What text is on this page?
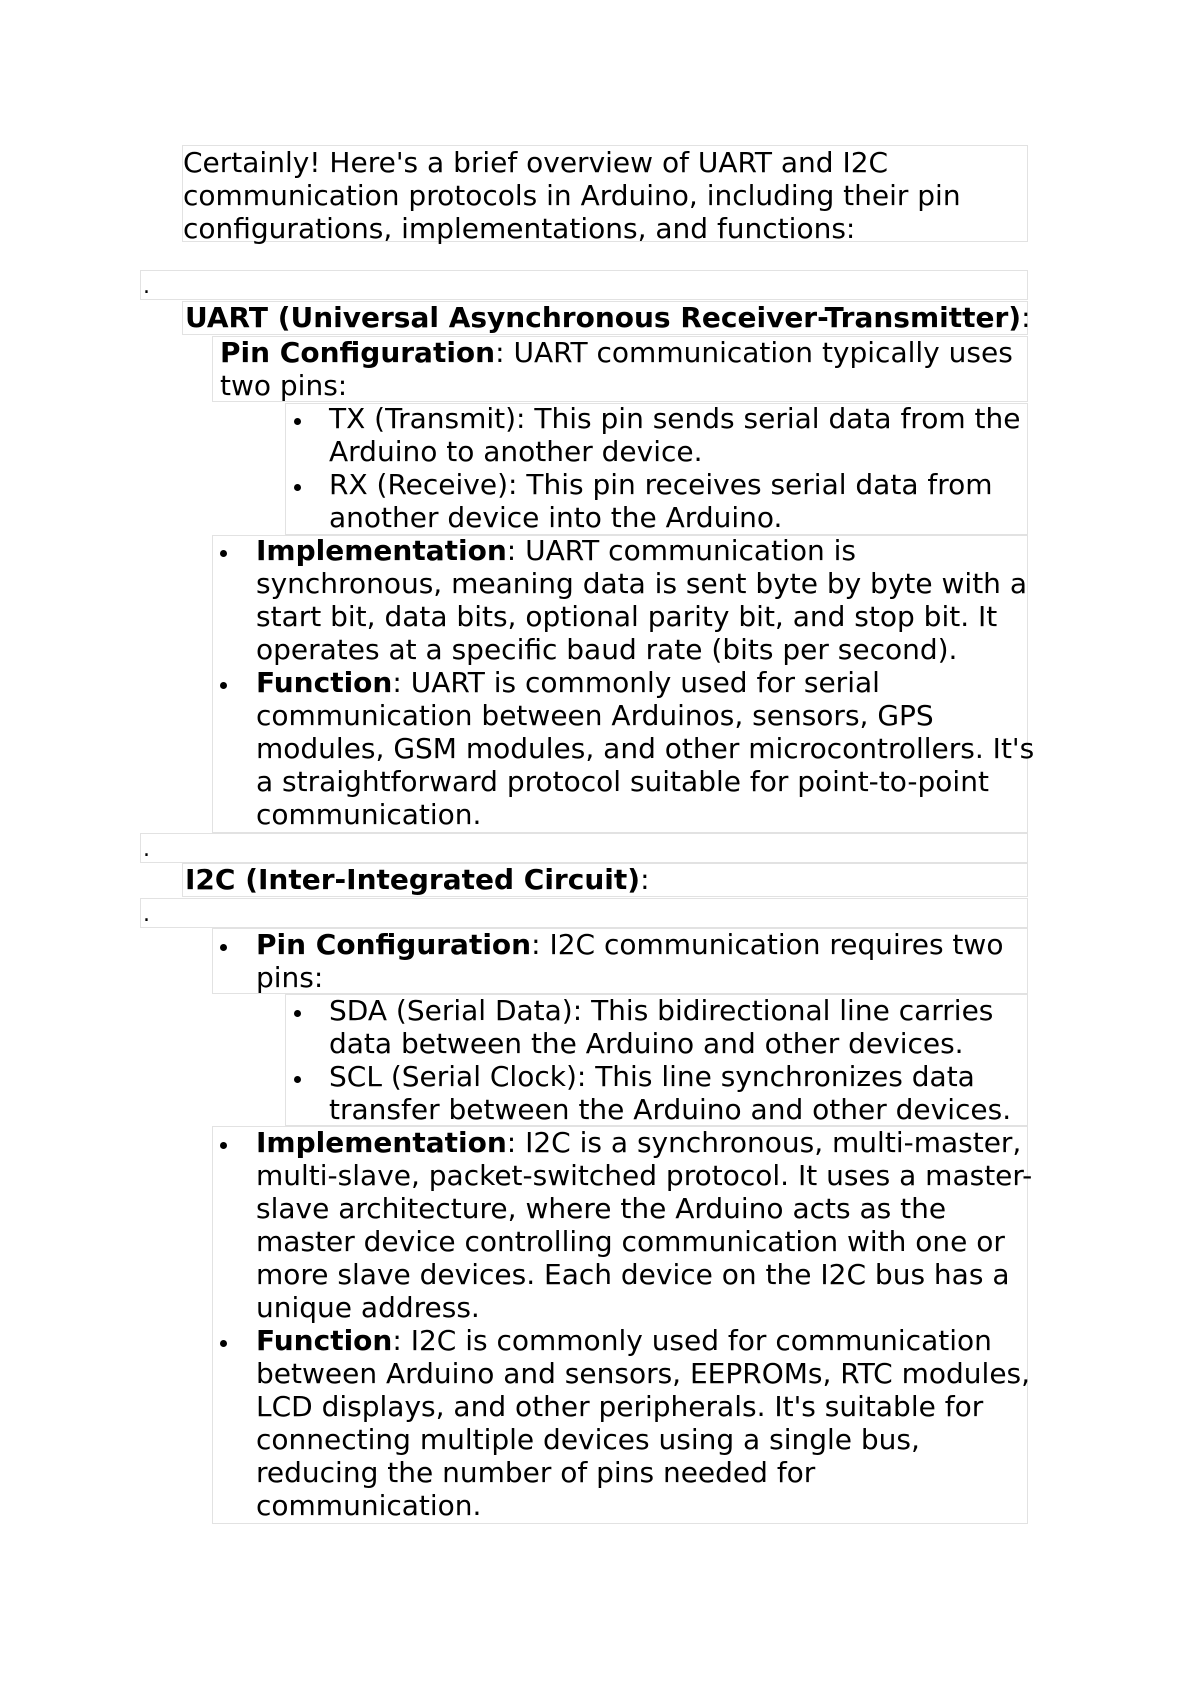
Certainly! Here's a brief overview of UART and I2C
communication protocols in Arduino, including their pin
configurations, implementations, and functions:
.
UART (Universal Asynchronous Receiver-Transmitter):
Pin Configuration: UART communication typically uses
two pins:
TX (Transmit): This pin sends serial data from the
Arduino to another device.
RX (Receive): This pin receives serial data from
another device into the Arduino.
Implementation: UART communication is
synchronous, meaning data is sent byte by byte with a
start bit, data bits, optional parity bit, and stop bit. It
operates at a specific baud rate (bits per second).
Function: UART is commonly used for serial
communication between Arduinos, sensors, GPS
modules, GSM modules, and other microcontrollers. It's
a straightforward protocol suitable for point-to-point
communication.
.
I2C (Inter-Integrated Circuit):
.
Pin Configuration: I2C communication requires two
pins:
SDA (Serial Data): This bidirectional line carries
data between the Arduino and other devices.
SCL (Serial Clock): This line synchronizes data
transfer between the Arduino and other devices.
Implementation: I2C is a synchronous, multi-master,
multi-slave, packet-switched protocol. It uses a master-
slave architecture, where the Arduino acts as the
master device controlling communication with one or
more slave devices. Each device on the I2C bus has a
unique address.
Function: I2C is commonly used for communication
between Arduino and sensors, EEPROMs, RTC modules,
LCD displays, and other peripherals. It's suitable for
connecting multiple devices using a single bus,
reducing the number of pins needed for
communication.
